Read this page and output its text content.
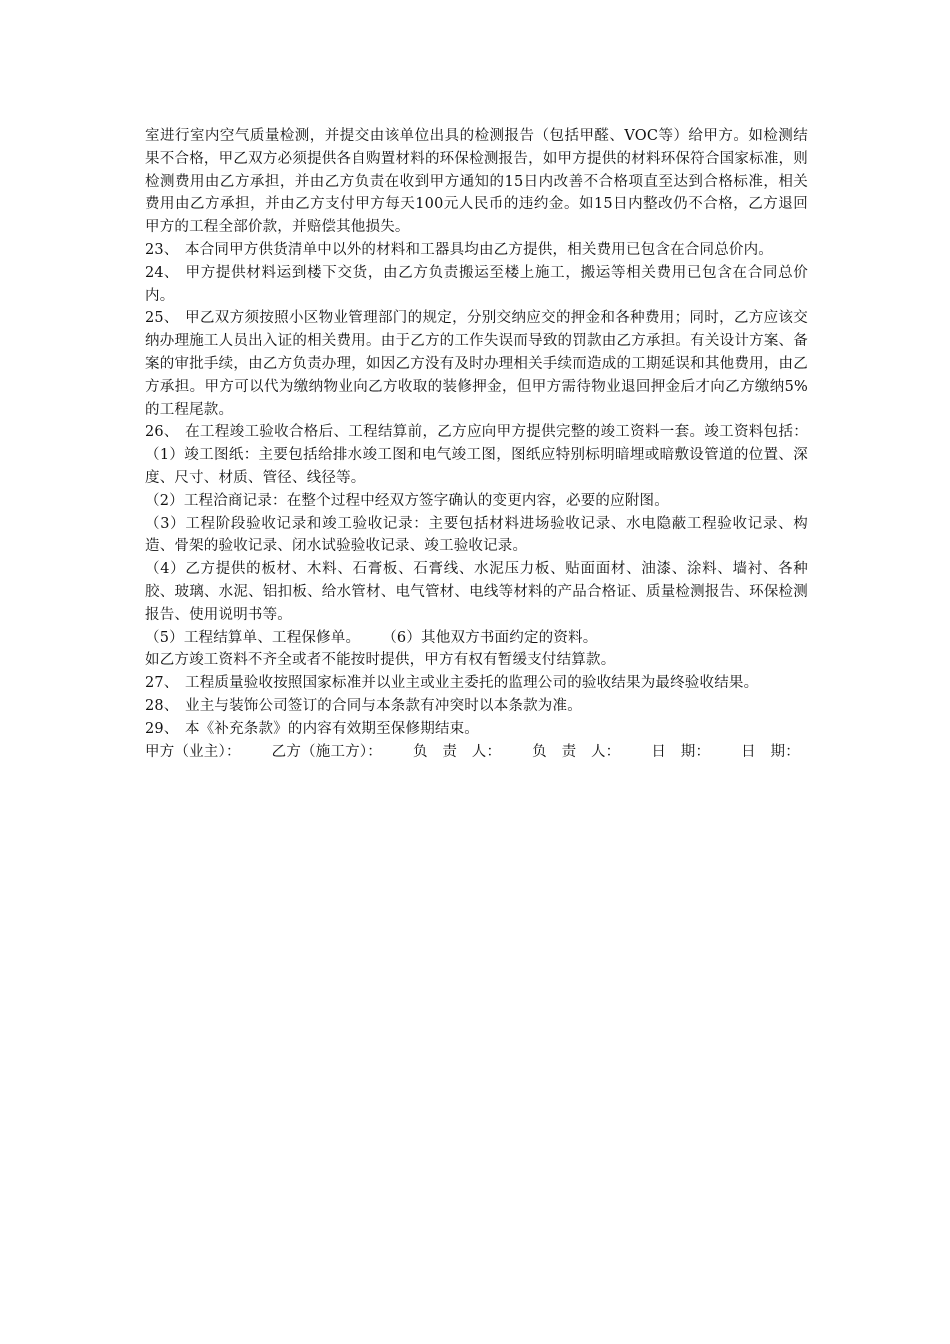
室进行室内空气质量检测，并提交由该单位出具的检测报告（包括甲醛、VOC等）给甲方。如检测结果不合格，甲乙双方必须提供各自购置材料的环保检测报告，如甲方提供的材料环保符合国家标准，则检测费用由乙方承担，并由乙方负责在收到甲方通知的15日内改善不合格项直至达到合格标准，相关费用由乙方承担，并由乙方支付甲方每天100元人民币的违约金。如15日内整改仍不合格，乙方退回甲方的工程全部价款，并赔偿其他损失。

23、 本合同甲方供货清单中以外的材料和工器具均由乙方提供，相关费用已包含在合同总价内。

24、 甲方提供材料运到楼下交货，由乙方负责搬运至楼上施工，搬运等相关费用已包含在合同总价内。

25、 甲乙双方须按照小区物业管理部门的规定，分别交纳应交的押金和各种费用；同时，乙方应该交纳办理施工人员出入证的相关费用。由于乙方的工作失误而导致的罚款由乙方承担。有关设计方案、备案的审批手续，由乙方负责办理，如因乙方没有及时办理相关手续而造成的工期延误和其他费用，由乙方承担。甲方可以代为缴纳物业向乙方收取的装修押金，但甲方需待物业退回押金后才向乙方缴纳5%的工程尾款。

26、 在工程竣工验收合格后、工程结算前，乙方应向甲方提供完整的竣工资料一套。竣工资料包括：（1）竣工图纸：主要包括给排水竣工图和电气竣工图，图纸应特别标明暗埋或暗敷设管道的位置、深度、尺寸、材质、管径、线径等。

（2）工程洽商记录：在整个过程中经双方签字确认的变更内容，必要的应附图。

（3）工程阶段验收记录和竣工验收记录：主要包括材料进场验收记录、水电隐蔽工程验收记录、构造、骨架的验收记录、闭水试验验收记录、竣工验收记录。

（4）乙方提供的板材、木料、石膏板、石膏线、水泥压力板、贴面面材、油漆、涂料、墙衬、各种胶、玻璃、水泥、铝扣板、给水管材、电气管材、电线等材料的产品合格证、质量检测报告、环保检测报告、使用说明书等。

（5）工程结算单、工程保修单。 （6）其他双方书面约定的资料。

如乙方竣工资料不齐全或者不能按时提供，甲方有权有暂缓支付结算款。

27、 工程质量验收按照国家标准并以业主或业主委托的监理公司的验收结果为最终验收结果。

28、 业主与装饰公司签订的合同与本条款有冲突时以本条款为准。

29、 本《补充条款》的内容有效期至保修期结束。

甲方（业主）： 乙方（施工方）： 负　责　人： 负　责　人： 日　期： 日　期：
